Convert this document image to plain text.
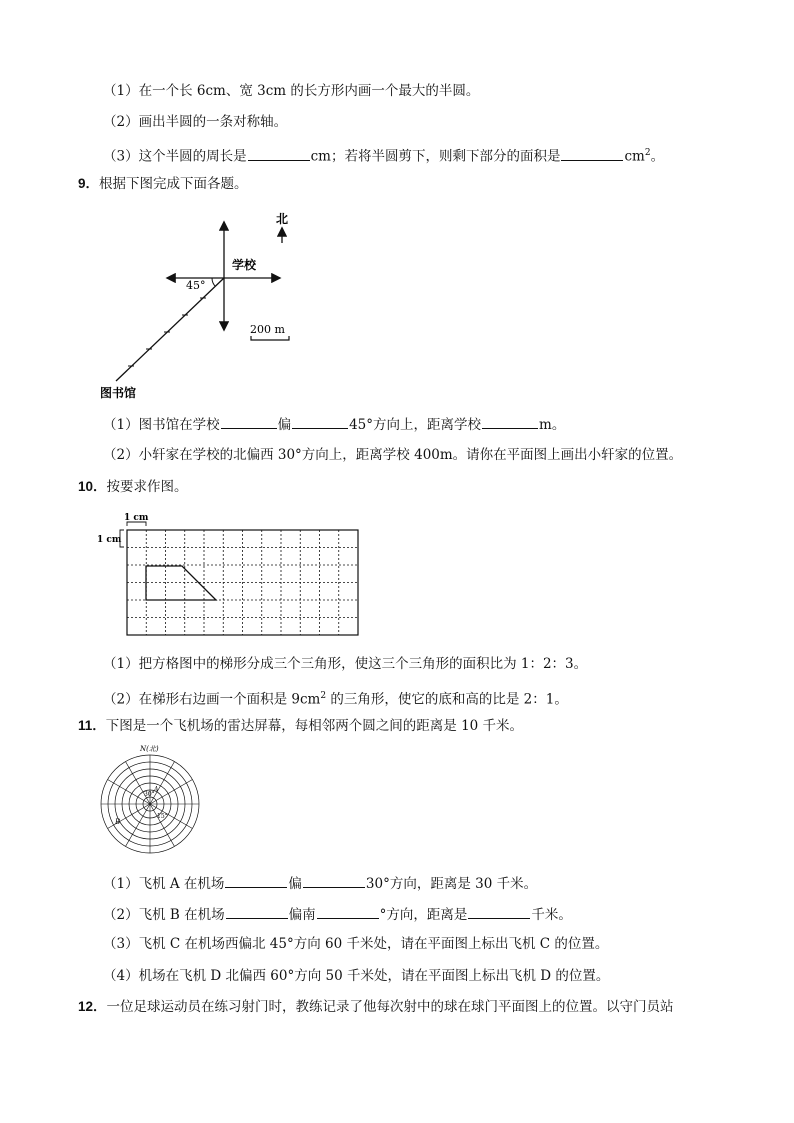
（1）在一个长 6cm、宽 3cm 的长方形内画一个最大的半圆。
（2）画出半圆的一条对称轴。
（3）这个半圆的周长是	cm；若将半圆剪下，则剩下部分的面积是	$cm^2$。
9．根据下图完成下面各题。
北
学校
45°
200 m
图书馆
（1）图书馆在学校	偏	45°方向上，距离学校	m。
（2）小轩家在学校的北偏西 30°方向上，距离学校 400m。请你在平面图上画出小轩家的位置。
10．按要求作图。
1 cm
1 cm
（1）把方格图中的梯形分成三个三角形，使这三个三角形的面积比为 1：2：3。
（2）在梯形右边画一个面积是 $9cm^2$ 的三角形，使它的底和高的比是 2：1。
11．下图是一个飞机场的雷达屏幕，每相邻两个圆之间的距离是 10 千米。
N(北)
30°
A
B
15°
（1）飞机 A 在机场	偏	30°方向，距离是 30 千米。
（2）飞机 B 在机场	偏南	°方向，距离是	千米。
（3）飞机 C 在机场西偏北 45°方向 60 千米处，请在平面图上标出飞机 C 的位置。
（4）机场在飞机 D 北偏西 60°方向 50 千米处，请在平面图上标出飞机 D 的位置。
12．一位足球运动员在练习射门时，教练记录了他每次射中的球在球门平面图上的位置。以守门员站
